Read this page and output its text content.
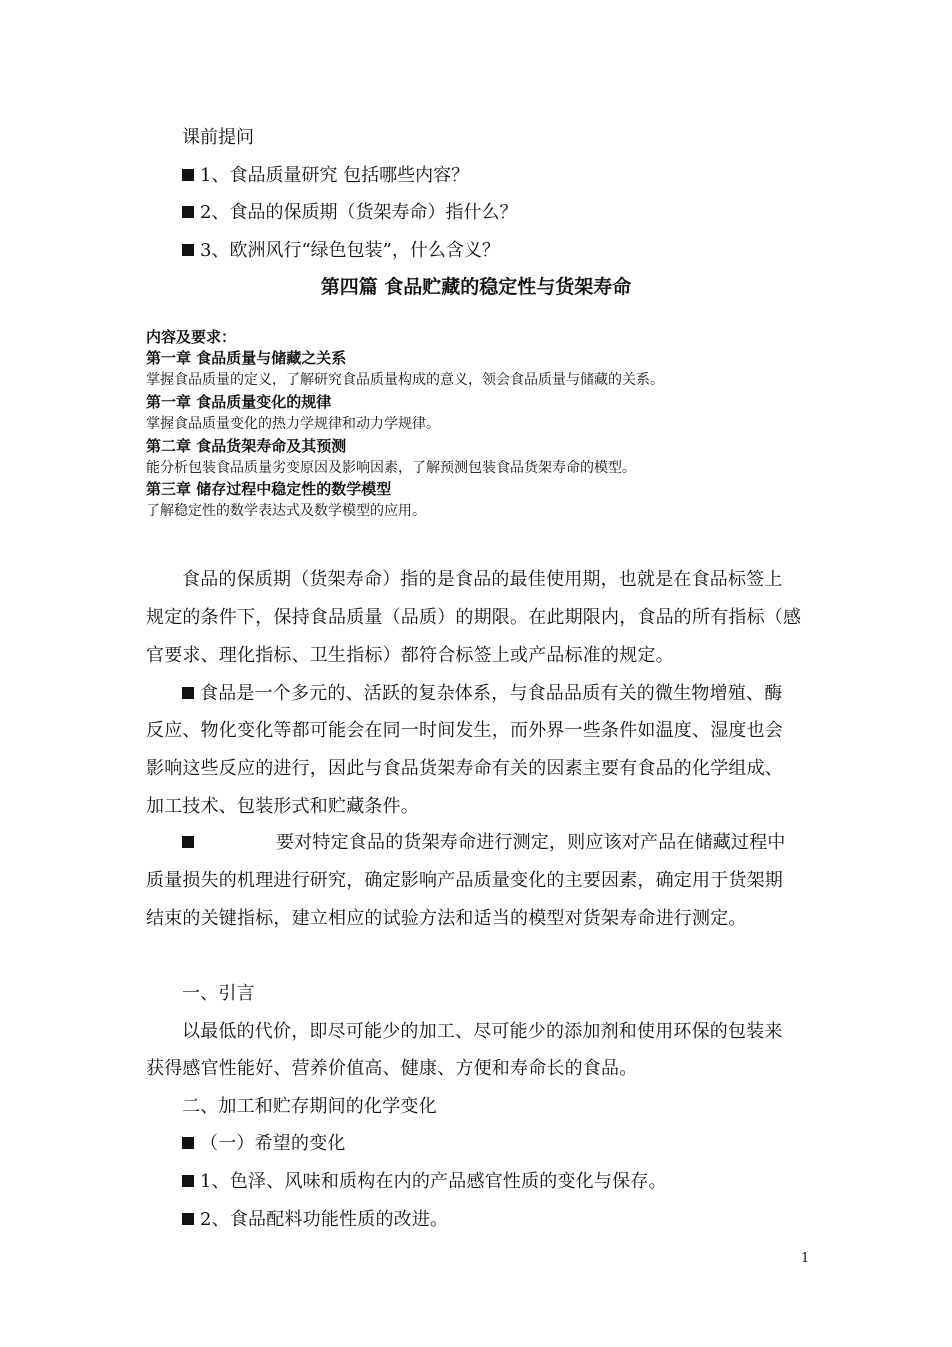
课前提问
1、食品质量研究 包括哪些内容？
2、食品的保质期（货架寿命）指什么？
3、欧洲风行“绿色包装”，什么含义？
第四篇 食品贮藏的稳定性与货架寿命
内容及要求：
第一章 食品质量与储藏之关系
掌握食品质量的定义，了解研究食品质量构成的意义，领会食品质量与储藏的关系。
第一章 食品质量变化的规律
掌握食品质量变化的热力学规律和动力学规律。
第二章 食品货架寿命及其预测
能分析包装食品质量劣变原因及影响因素，了解预测包装食品货架寿命的模型。
第三章 储存过程中稳定性的数学模型
了解稳定性的数学表达式及数学模型的应用。
食品的保质期（货架寿命）指的是食品的最佳使用期，也就是在食品标签上
规定的条件下，保持食品质量（品质）的期限。在此期限内，食品的所有指标（感
官要求、理化指标、卫生指标）都符合标签上或产品标准的规定。
食品是一个多元的、活跃的复杂体系，与食品品质有关的微生物增殖、酶
反应、物化变化等都可能会在同一时间发生，而外界一些条件如温度、湿度也会
影响这些反应的进行，因此与食品货架寿命有关的因素主要有食品的化学组成、
加工技术、包装形式和贮藏条件。
要对特定食品的货架寿命进行测定，则应该对产品在储藏过程中
质量损失的机理进行研究，确定影响产品质量变化的主要因素，确定用于货架期
结束的关键指标，建立相应的试验方法和适当的模型对货架寿命进行测定。
一、引言
以最低的代价，即尽可能少的加工、尽可能少的添加剂和使用环保的包装来
获得感官性能好、营养价值高、健康、方便和寿命长的食品。
二、加工和贮存期间的化学变化
（一）希望的变化
1、色泽、风味和质构在内的产品感官性质的变化与保存。
2、食品配料功能性质的改进。
1
